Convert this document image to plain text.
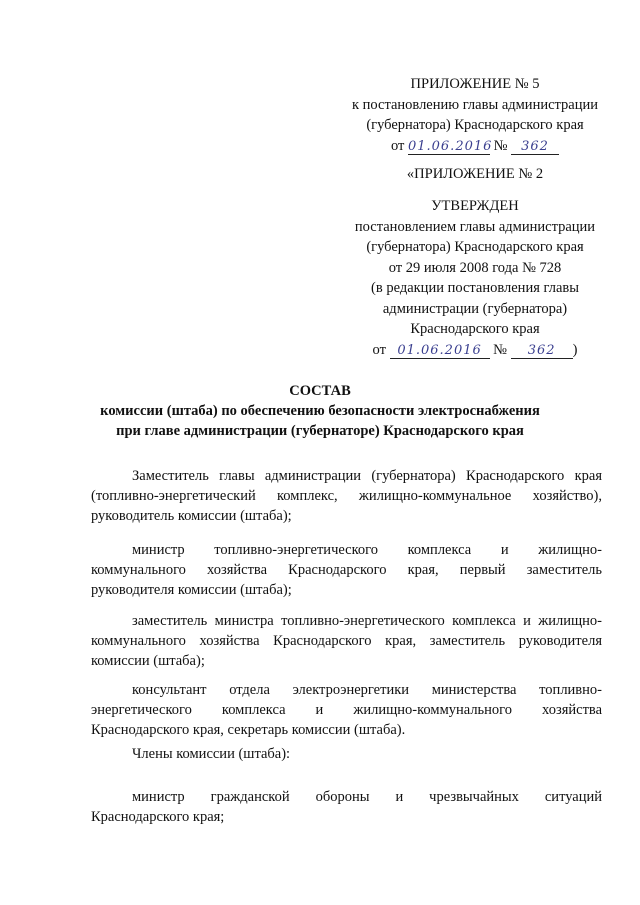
ПРИЛОЖЕНИЕ № 5
к постановлению главы администрации
(губернатора) Краснодарского края
от 01.06.2016 № 362
«ПРИЛОЖЕНИЕ № 2
УТВЕРЖДЕН
постановлением главы администрации
(губернатора) Краснодарского края
от 29 июля 2008 года № 728
(в редакции постановления главы
администрации (губернатора)
Краснодарского края
от 01.06.2016 № 362 )
СОСТАВ
комиссии (штаба) по обеспечению безопасности электроснабжения
при главе администрации (губернаторе) Краснодарского края
Заместитель главы администрации (губернатора) Краснодарского края
(топливно-энергетический комплекс, жилищно-коммунальное хозяйство),
руководитель комиссии (штаба);
министр топливно-энергетического комплекса и жилищно-
коммунального хозяйства Краснодарского края, первый заместитель
руководителя комиссии (штаба);
заместитель министра топливно-энергетического комплекса и жилищно-
коммунального хозяйства Краснодарского края, заместитель руководителя
комиссии (штаба);
консультант отдела электроэнергетики министерства топливно-
энергетического комплекса и жилищно-коммунального хозяйства
Краснодарского края, секретарь комиссии (штаба).
Члены комиссии (штаба):
министр гражданской обороны и чрезвычайных ситуаций
Краснодарского края;
